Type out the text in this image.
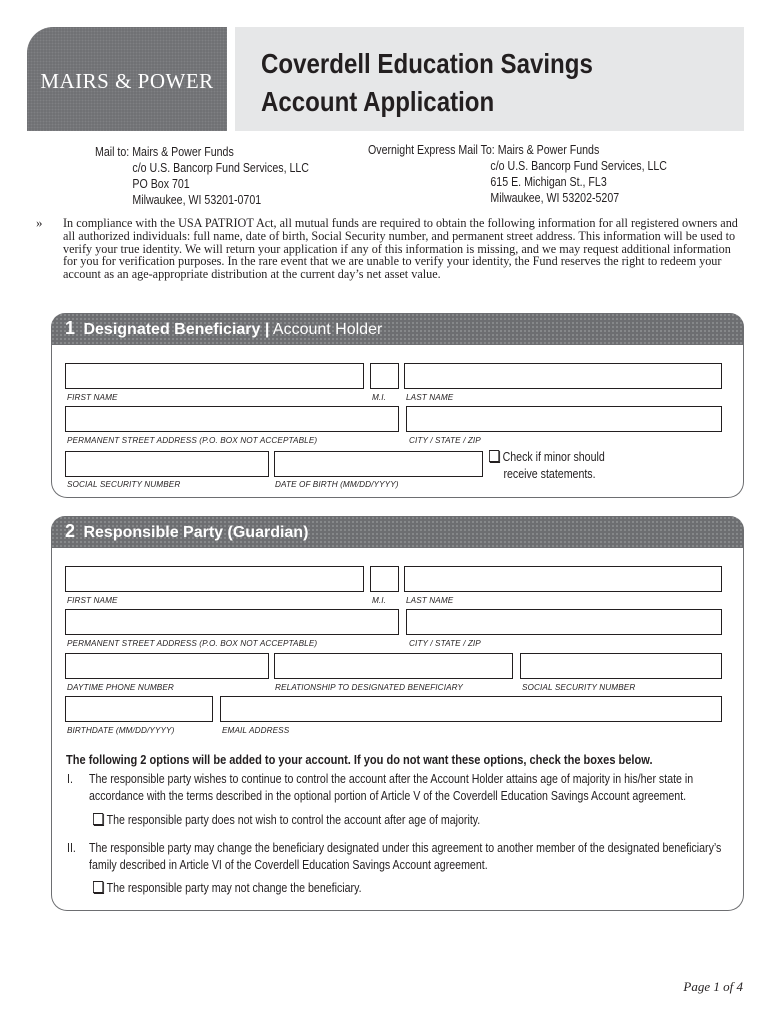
MAIRS & POWER
Coverdell Education Savings
Account Application
Mail to: Mairs & Power Funds
c/o U.S. Bancorp Fund Services, LLC
PO Box 701
Milwaukee, WI 53201-0701
Overnight Express Mail To: Mairs & Power Funds
c/o U.S. Bancorp Fund Services, LLC
615 E. Michigan St., FL3
Milwaukee, WI 53202-5207
» In compliance with the USA PATRIOT Act, all mutual funds are required to obtain the following information for all registered owners and all authorized individuals: full name, date of birth, Social Security number, and permanent street address. This information will be used to verify your true identity. We will return your application if any of this information is missing, and we may request additional information for you for verification purposes. In the rare event that we are unable to verify your identity, the Fund reserves the right to redeem your account as an age-appropriate distribution at the current day’s net asset value.
1 Designated Beneficiary | Account Holder
FIRST NAME	M.I. LAST NAME
PERMANENT STREET ADDRESS (P.O. BOX NOT ACCEPTABLE)	CITY / STATE / ZIP
SOCIAL SECURITY NUMBER	DATE OF BIRTH (MM/DD/YYYY)
Check if minor should
receive statements.
2 Responsible Party (Guardian)
FIRST NAME	M.I. LAST NAME
PERMANENT STREET ADDRESS (P.O. BOX NOT ACCEPTABLE)	CITY / STATE / ZIP
DAYTIME PHONE NUMBER	RELATIONSHIP TO DESIGNATED BENEFICIARY	SOCIAL SECURITY NUMBER
BIRTHDATE (MM/DD/YYYY)	EMAIL ADDRESS
The following 2 options will be added to your account. If you do not want these options, check the boxes below.
I. The responsible party wishes to continue to control the account after the Account Holder attains age of majority in his/her state in
accordance with the terms described in the optional portion of Article V of the Coverdell Education Savings Account agreement.
The responsible party does not wish to control the account after age of majority.
II. The responsible party may change the beneficiary designated under this agreement to another member of the designated beneficiary’s
family described in Article VI of the Coverdell Education Savings Account agreement.
The responsible party may not change the beneficiary.
Page 1 of 4
